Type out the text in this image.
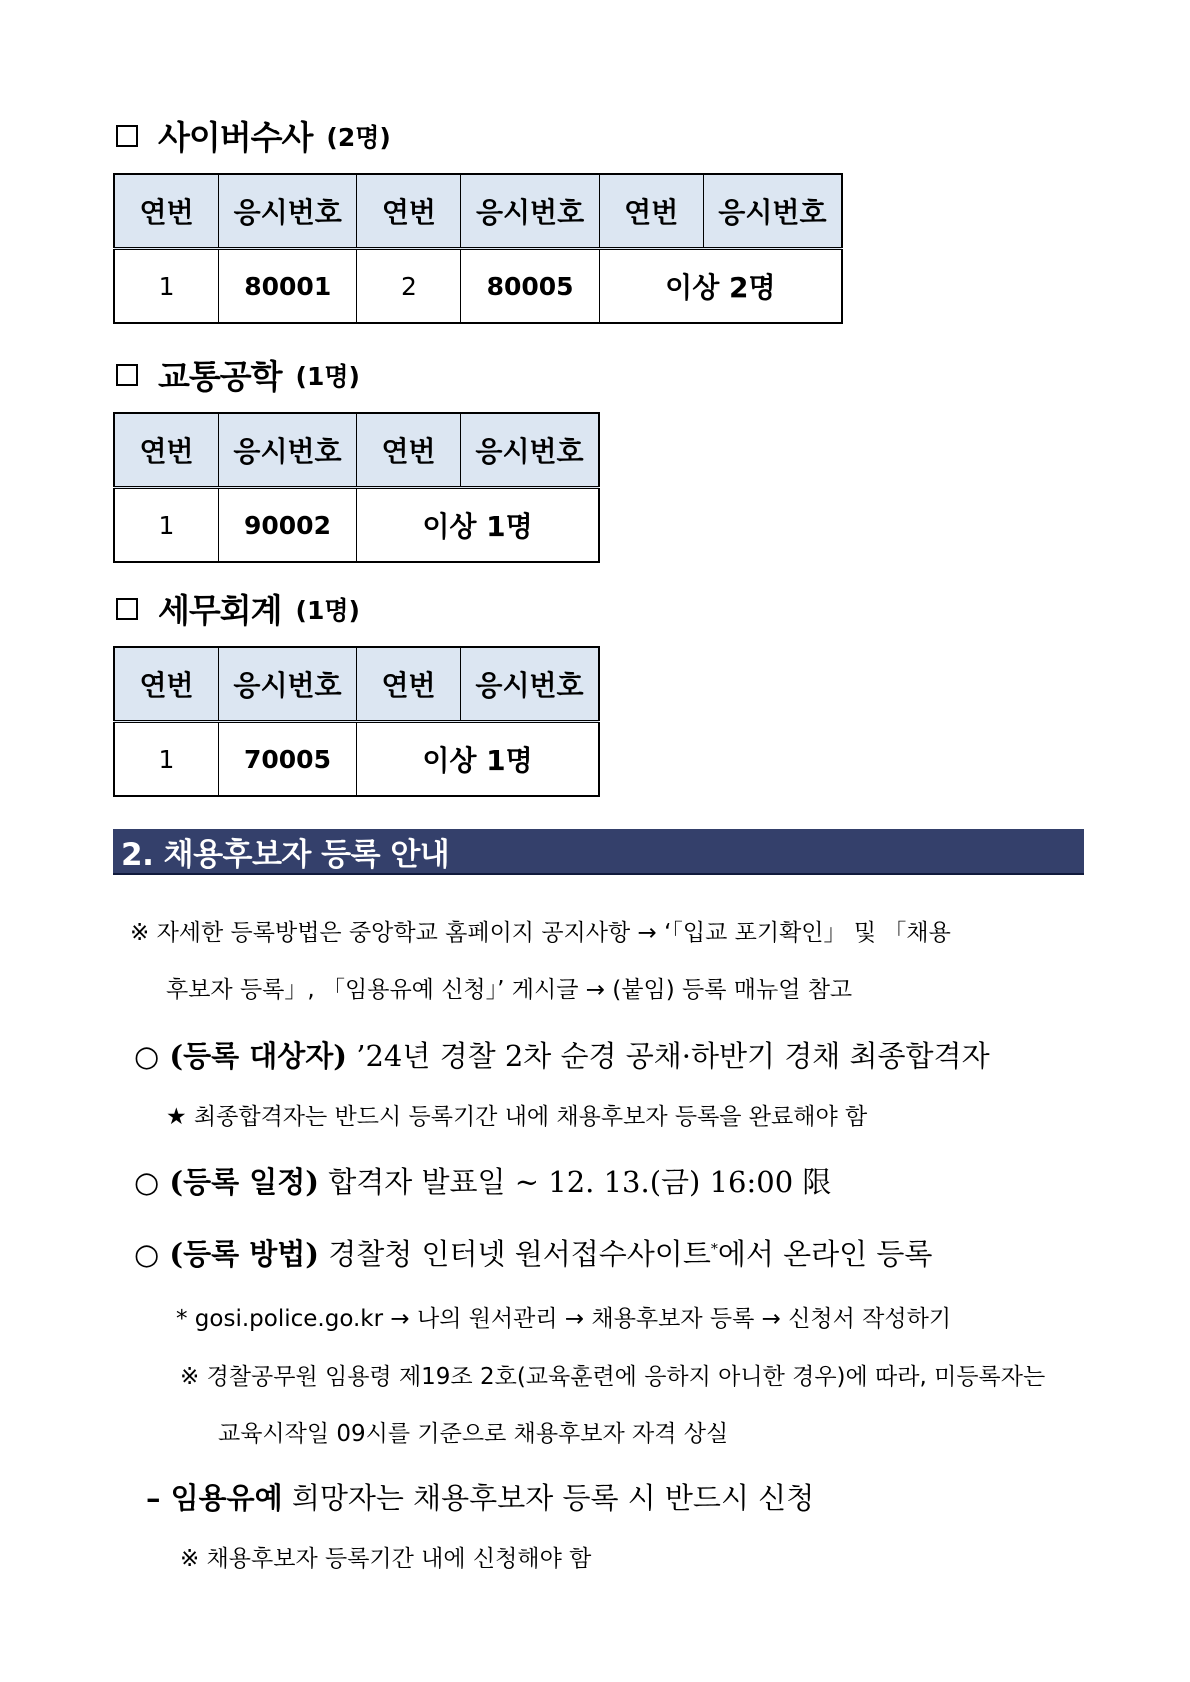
사이버수사 (2명)
연번	응시번호	연번	응시번호	연번	응시번호
1	80001	2	80005	이상 2명	
교통공학 (1명)
연번	응시번호	연번	응시번호
1	90002	이상 1명	
세무회계 (1명)
연번	응시번호	연번	응시번호
1	70005	이상 1명	
2. 채용후보자 등록 안내
※ 자세한 등록방법은 중앙학교 홈페이지 공지사항 → ‘「입교 포기확인」 및 「채용
후보자 등록」, 「임용유예 신청」’ 게시글 → (붙임) 등록 매뉴얼 참고
○ (등록 대상자) ’24년 경찰 2차 순경 공채·하반기 경채 최종합격자
★ 최종합격자는 반드시 등록기간 내에 채용후보자 등록을 완료해야 함
○ (등록 일정) 합격자 발표일 ~ 12. 13.(금) 16:00 限
○ (등록 방법) 경찰청 인터넷 원서접수사이트*에서 온라인 등록
* gosi.police.go.kr → 나의 원서관리 → 채용후보자 등록 → 신청서 작성하기
※ 경찰공무원 임용령 제19조 2호(교육훈련에 응하지 아니한 경우)에 따라, 미등록자는
교육시작일 09시를 기준으로 채용후보자 자격 상실
– 임용유예 희망자는 채용후보자 등록 시 반드시 신청
※ 채용후보자 등록기간 내에 신청해야 함
